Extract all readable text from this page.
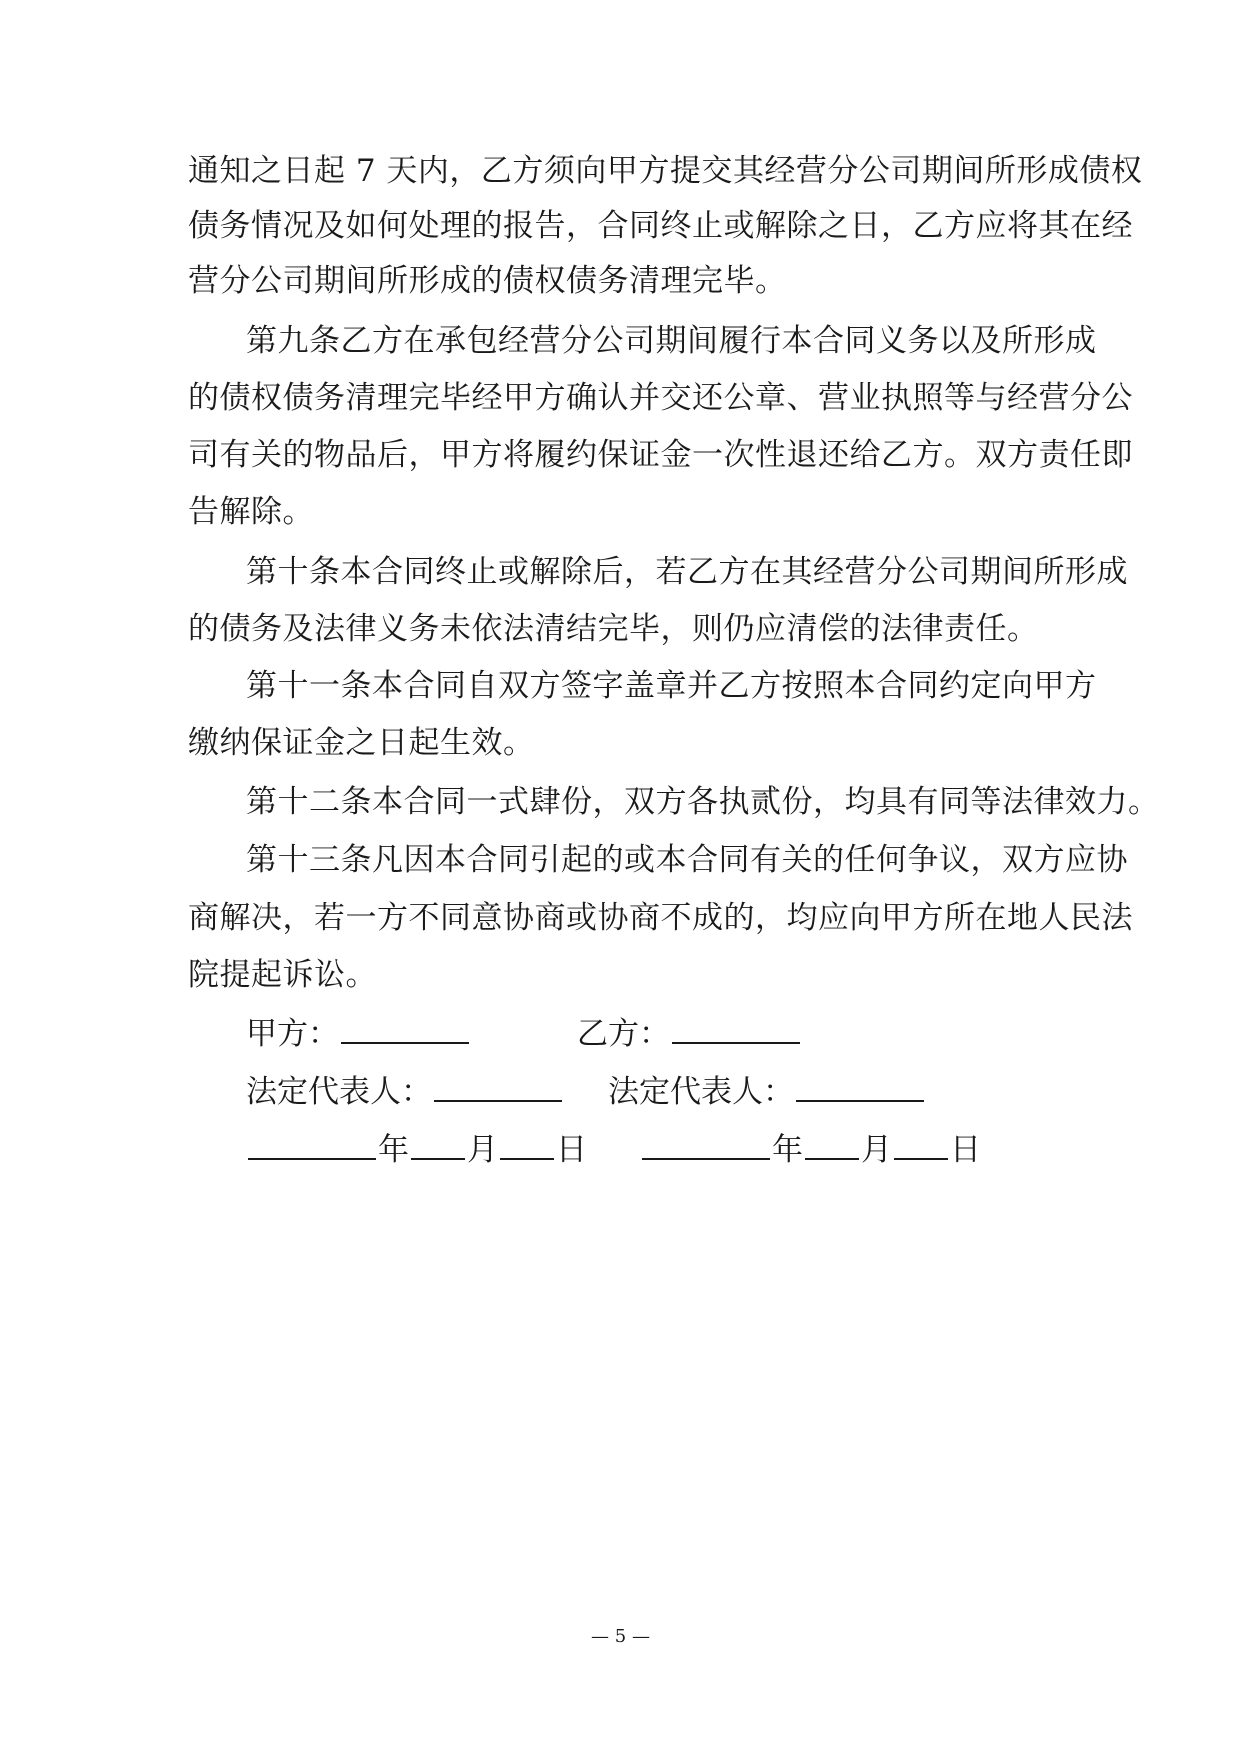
通知之日起 7 天内，乙方须向甲方提交其经营分公司期间所形成债权
债务情况及如何处理的报告，合同终止或解除之日，乙方应将其在经
营分公司期间所形成的债权债务清理完毕。
第九条乙方在承包经营分公司期间履行本合同义务以及所形成
的债权债务清理完毕经甲方确认并交还公章、营业执照等与经营分公
司有关的物品后，甲方将履约保证金一次性退还给乙方。双方责任即
告解除。
第十条本合同终止或解除后，若乙方在其经营分公司期间所形成
的债务及法律义务未依法清结完毕，则仍应清偿的法律责任。
第十一条本合同自双方签字盖章并乙方按照本合同约定向甲方
缴纳保证金之日起生效。
第十二条本合同一式肆份，双方各执贰份，均具有同等法律效力。
第十三条凡因本合同引起的或本合同有关的任何争议，双方应协
商解决，若一方不同意协商或协商不成的，均应向甲方所在地人民法
院提起诉讼。
甲方：	乙方：
法定代表人：	法定代表人：
年 月 日	年 月 日
— 5 —
